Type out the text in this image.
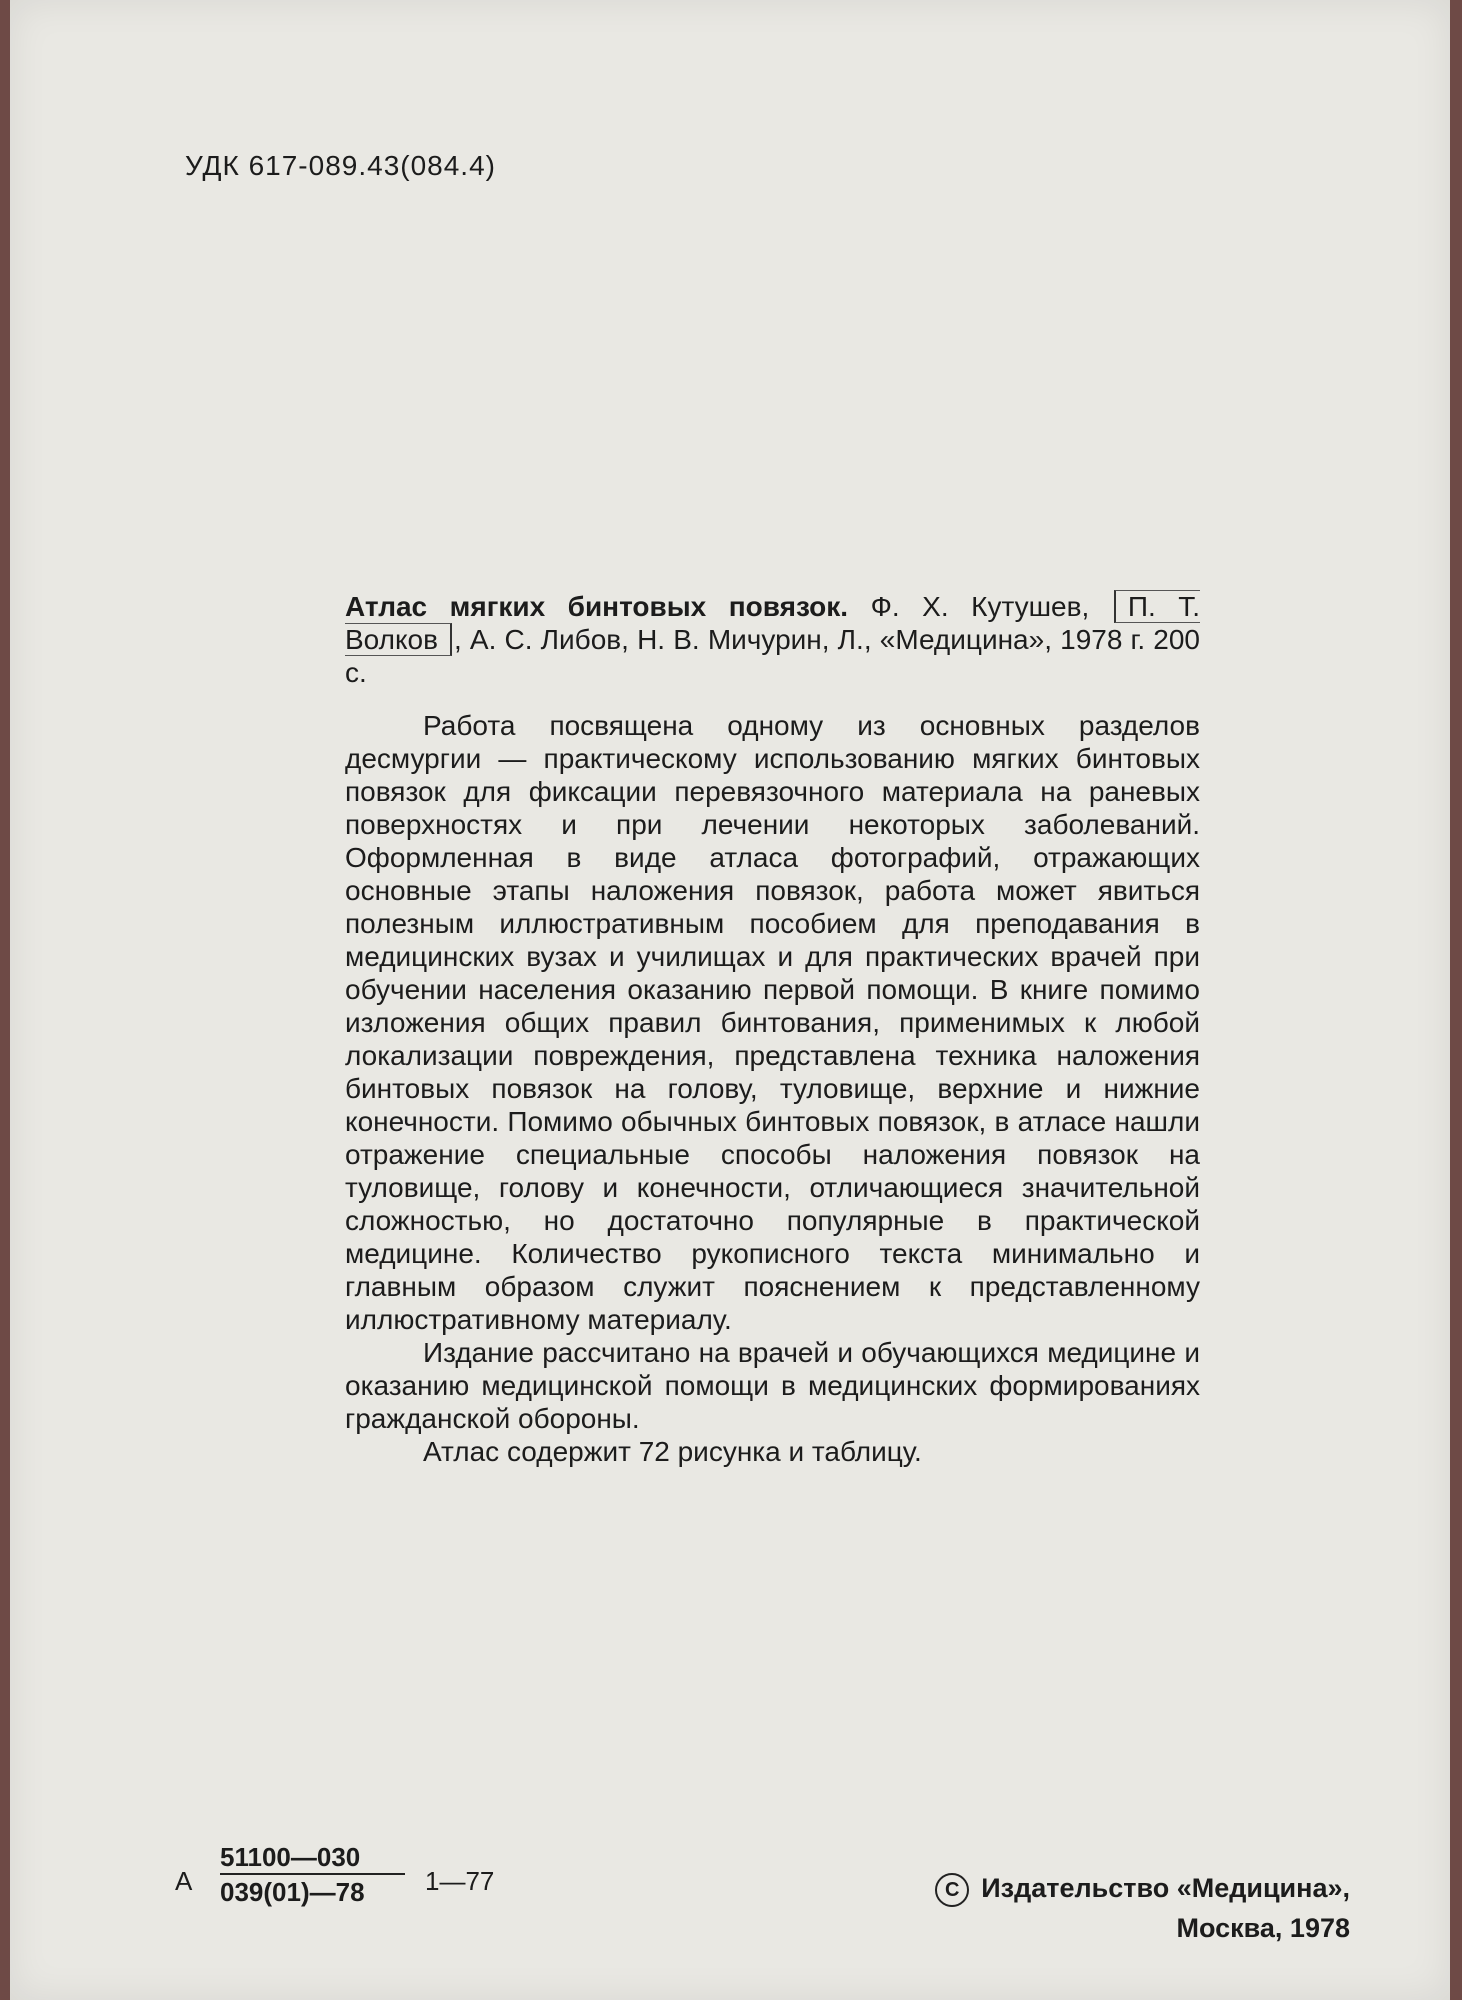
УДК 617-089.43(084.4)

Атлас мягких бинтовых повязок. Ф. Х. Кутушев, П. Т. Волков , А. С. Либов, Н. В. Мичурин, Л., «Медицина», 1978 г. 200 с.

Работа посвящена одному из основных разделов десмургии — практическому использованию мягких бинтовых повязок для фиксации перевязочного материала на раневых поверхностях и при лечении некоторых заболеваний. Оформленная в виде атласа фотографий, отражающих основные этапы наложения повязок, работа может явиться полезным иллюстративным пособием для преподавания в медицинских вузах и училищах и для практических врачей при обучении населения оказанию первой помощи. В книге помимо изложения общих правил бинтования, применимых к любой локализации повреждения, представлена техника наложения бинтовых повязок на голову, туловище, верхние и нижние конечности. Помимо обычных бинтовых повязок, в атласе нашли отражение специальные способы наложения повязок на туловище, голову и конечности, отличающиеся значительной сложностью, но достаточно популярные в практической медицине. Количество рукописного текста минимально и главным образом служит пояснением к представленному иллюстративному материалу.

Издание рассчитано на врачей и обучающихся медицине и оказанию медицинской помощи в медицинских формированиях гражданской обороны.

Атлас содержит 72 рисунка и таблицу.

А $\frac{51100—030}{039(01)—78}$ 1—77	С Издательство «Медицина»,
Москва, 1978
